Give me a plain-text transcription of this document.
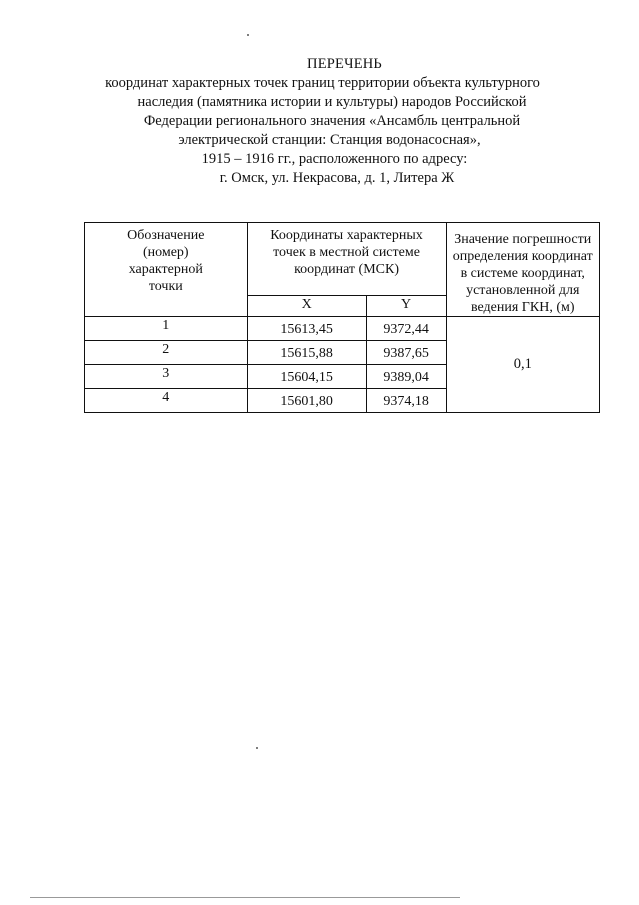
ПЕРЕЧЕНЬ
координат характерных точек границ территории объекта культурного
наследия (памятника истории и культуры) народов Российской
Федерации регионального значения «Ансамбль центральной
электрической станции: Станция водонасосная»,
1915 – 1916 гг., расположенного по адресу:
г. Омск, ул. Некрасова, д. 1, Литера Ж
Обозначение
(номер)
характерной
точки	Координаты характерных
точек в местной системе
координат (МСК)		Значение погрешности
определения координат
в системе координат,
установленной для
ведения ГКН, (м)

	X	Y	
1	15613,45	9372,44	0,1
2	15615,88	9387,65	
3	15604,15	9389,04	
4	15601,80	9374,18	
